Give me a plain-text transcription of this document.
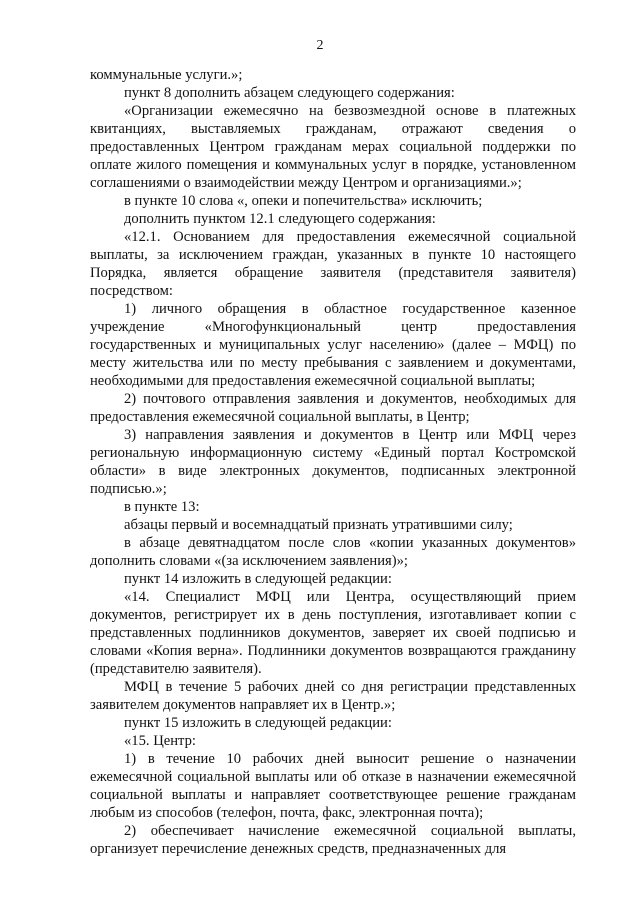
2

коммунальные услуги.»;

пункт 8 дополнить абзацем следующего содержания:

«Организации ежемесячно на безвозмездной основе в платежных квитанциях, выставляемых гражданам, отражают сведения о предоставленных Центром гражданам мерах социальной поддержки по оплате жилого помещения и коммунальных услуг в порядке, установленном соглашениями о взаимодействии между Центром и организациями.»;

в пункте 10 слова «, опеки и попечительства» исключить;

дополнить пунктом 12.1 следующего содержания:

«12.1. Основанием для предоставления ежемесячной социальной выплаты, за исключением граждан, указанных в пункте 10 настоящего Порядка, является обращение заявителя (представителя заявителя) посредством:

1) личного обращения в областное государственное казенное учреждение «Многофункциональный центр предоставления государственных и муниципальных услуг населению» (далее – МФЦ) по месту жительства или по месту пребывания с заявлением и документами, необходимыми для предоставления ежемесячной социальной выплаты;

2) почтового отправления заявления и документов, необходимых для предоставления ежемесячной социальной выплаты, в Центр;

3) направления заявления и документов в Центр или МФЦ через региональную информационную систему «Единый портал Костромской области» в виде электронных документов, подписанных электронной подписью.»;

в пункте 13:

абзацы первый и восемнадцатый признать утратившими силу;

в абзаце девятнадцатом после слов «копии указанных документов» дополнить словами «(за исключением заявления)»;

пункт 14 изложить в следующей редакции:

«14. Специалист МФЦ или Центра, осуществляющий прием документов, регистрирует их в день поступления, изготавливает копии с представленных подлинников документов, заверяет их своей подписью и словами «Копия верна». Подлинники документов возвращаются гражданину (представителю заявителя).

МФЦ в течение 5 рабочих дней со дня регистрации представленных заявителем документов направляет их в Центр.»;

пункт 15 изложить в следующей редакции:

«15. Центр:

1) в течение 10 рабочих дней выносит решение о назначении ежемесячной социальной выплаты или об отказе в назначении ежемесячной социальной выплаты и направляет соответствующее решение гражданам любым из способов (телефон, почта, факс, электронная почта);

2) обеспечивает начисление ежемесячной социальной выплаты, организует перечисление денежных средств, предназначенных для
